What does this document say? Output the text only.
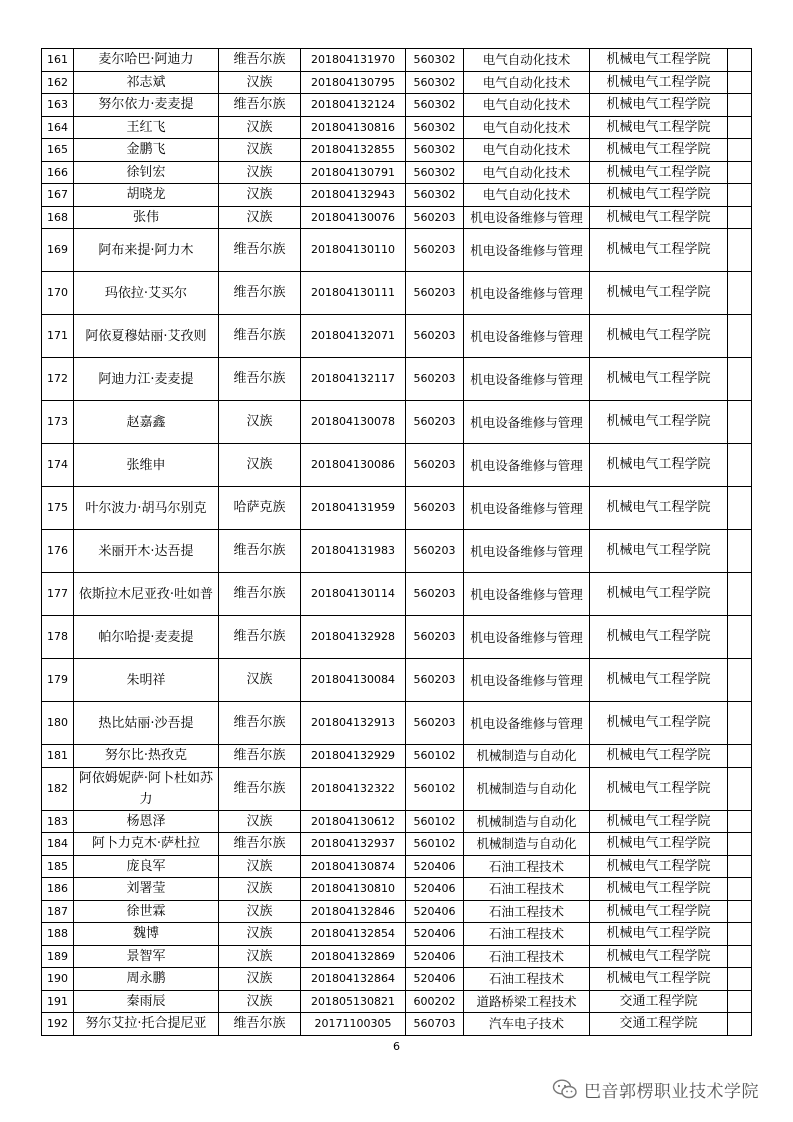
161	麦尔哈巴·阿迪力	维吾尔族	201804131970	560302	电气自动化技术	机械电气工程学院	
162	祁志斌	汉族	201804130795	560302	电气自动化技术	机械电气工程学院	
163	努尔依力·麦麦提	维吾尔族	201804132124	560302	电气自动化技术	机械电气工程学院	
164	王红飞	汉族	201804130816	560302	电气自动化技术	机械电气工程学院	
165	金鹏飞	汉族	201804132855	560302	电气自动化技术	机械电气工程学院	
166	徐钊宏	汉族	201804130791	560302	电气自动化技术	机械电气工程学院	
167	胡晓龙	汉族	201804132943	560302	电气自动化技术	机械电气工程学院	
168	张伟	汉族	201804130076	560203	机电设备维修与管理	机械电气工程学院	
169	阿布来提·阿力木	维吾尔族	201804130110	560203	机电设备维修与管理	机械电气工程学院	
170	玛依拉·艾买尔	维吾尔族	201804130111	560203	机电设备维修与管理	机械电气工程学院	
171	阿依夏穆姑丽·艾孜则	维吾尔族	201804132071	560203	机电设备维修与管理	机械电气工程学院	
172	阿迪力江·麦麦提	维吾尔族	201804132117	560203	机电设备维修与管理	机械电气工程学院	
173	赵嘉鑫	汉族	201804130078	560203	机电设备维修与管理	机械电气工程学院	
174	张维申	汉族	201804130086	560203	机电设备维修与管理	机械电气工程学院	
175	叶尔波力·胡马尔别克	哈萨克族	201804131959	560203	机电设备维修与管理	机械电气工程学院	
176	米丽开木·达吾提	维吾尔族	201804131983	560203	机电设备维修与管理	机械电气工程学院	
177	依斯拉木尼亚孜·吐如普	维吾尔族	201804130114	560203	机电设备维修与管理	机械电气工程学院	
178	帕尔哈提·麦麦提	维吾尔族	201804132928	560203	机电设备维修与管理	机械电气工程学院	
179	朱明祥	汉族	201804130084	560203	机电设备维修与管理	机械电气工程学院	
180	热比姑丽·沙吾提	维吾尔族	201804132913	560203	机电设备维修与管理	机械电气工程学院	
181	努尔比·热孜克	维吾尔族	201804132929	560102	机械制造与自动化	机械电气工程学院	
182	阿依姆妮萨·阿卜杜如苏力	维吾尔族	201804132322	560102	机械制造与自动化	机械电气工程学院	
183	杨恩泽	汉族	201804130612	560102	机械制造与自动化	机械电气工程学院	
184	阿卜力克木·萨杜拉	维吾尔族	201804132937	560102	机械制造与自动化	机械电气工程学院	
185	庞良军	汉族	201804130874	520406	石油工程技术	机械电气工程学院	
186	刘署莹	汉族	201804130810	520406	石油工程技术	机械电气工程学院	
187	徐世霖	汉族	201804132846	520406	石油工程技术	机械电气工程学院	
188	魏博	汉族	201804132854	520406	石油工程技术	机械电气工程学院	
189	景智军	汉族	201804132869	520406	石油工程技术	机械电气工程学院	
190	周永鹏	汉族	201804132864	520406	石油工程技术	机械电气工程学院	
191	秦雨辰	汉族	201805130821	600202	道路桥梁工程技术	交通工程学院	
192	努尔艾拉·托合提尼亚	维吾尔族	20171100305	560703	汽车电子技术	交通工程学院	
6
巴音郭楞职业技术学院
